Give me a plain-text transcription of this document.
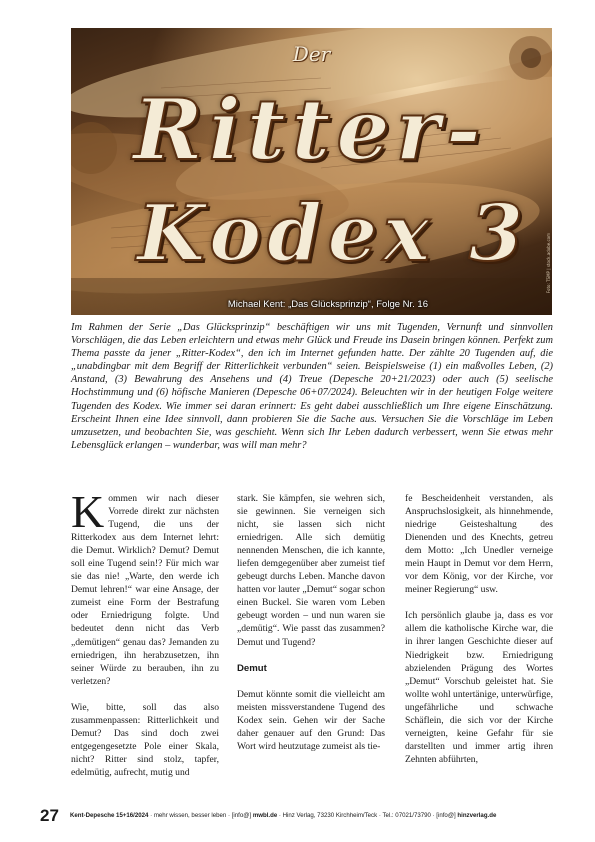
Der
Ritter-
Kodex 3	Foto: TSMP | stock.adobe.com
Michael Kent: „Das Glücksprinzip“, Folge Nr. 16

Im Rahmen der Serie „Das Glücksprinzip“ beschäftigen wir uns mit Tugenden, Vernunft und sinnvollen Vorschlägen, die das Leben erleichtern und etwas mehr Glück und Freude ins Dasein bringen können. Perfekt zum Thema passte da jener „Ritter-Kodex“, den ich im Internet gefunden hatte. Der zählte 20 Tugenden auf, die „unabdingbar mit dem Begriff der Ritterlichkeit verbunden“ seien. Beispielsweise (1) ein maßvolles Leben, (2) Anstand, (3) Bewahrung des Ansehens und (4) Treue (Depesche 20+21/2023) oder auch (5) seelische Hochstimmung und (6) höfische Manieren (Depesche 06+07/2024). Beleuchten wir in der heutigen Folge weitere Tugenden des Kodex. Wie immer sei daran erinnert: Es geht dabei ausschließlich um Ihre eigene Einschätzung. Erscheint Ihnen eine Idee sinnvoll, dann probieren Sie die Sache aus. Versuchen Sie die Vorschläge im Leben umzusetzen, und beobachten Sie, was geschieht. Wenn sich Ihr Leben dadurch verbessert, wenn Sie etwas mehr Lebensglück erlangen – wunderbar, was will man mehr?

Kommen wir nach dieser Vorrede direkt zur nächsten Tugend, die uns der Ritterkodex aus dem Internet lehrt: die Demut. Wirklich? Demut? Demut soll eine Tugend sein!? Für mich war sie das nie! „Warte, den werde ich Demut lehren!“ war eine Ansage, der zumeist eine Form der Bestrafung oder Erniedrigung folgte. Und bedeutet denn nicht das Verb „demütigen“ genau das? Jemanden zu erniedrigen, ihn herabzusetzen, ihn seiner Würde zu berauben, ihn zu verletzen?

Wie, bitte, soll das also zusammenpassen: Ritterlichkeit und Demut? Das sind doch zwei entgegengesetzte Pole einer Skala, nicht? Ritter sind stolz, tapfer, edelmütig, aufrecht, mutig und

stark. Sie kämpfen, sie wehren sich, sie gewinnen. Sie verneigen sich nicht, sie lassen sich nicht erniedrigen. Alle sich demütig nennenden Menschen, die ich kannte, liefen demgegenüber aber zumeist tief gebeugt durchs Leben. Manche davon hatten vor lauter „Demut“ sogar schon einen Buckel. Sie waren vom Leben gebeugt worden – und nun waren sie „demütig“. Wie passt das zusammen? Demut und Tugend?

Demut

Demut könnte somit die vielleicht am meisten missverstandene Tugend des Kodex sein. Gehen wir der Sache daher genauer auf den Grund: Das Wort wird heutzutage zumeist als tie-

fe Bescheidenheit verstanden, als Anspruchslosigkeit, als hinnehmende, niedrige Geisteshaltung des Dienenden und des Knechts, getreu dem Motto: „Ich Unedler verneige mein Haupt in Demut vor dem Herrn, vor dem König, vor der Kirche, vor meiner Regierung“ usw.

Ich persönlich glaube ja, dass es vor allem die katholische Kirche war, die in ihrer langen Geschichte dieser auf Niedrigkeit bzw. Erniedrigung abzielenden Prägung des Wortes „Demut“ Vorschub geleistet hat. Sie wollte wohl untertänige, unterwürfige, ungefährliche und schwache Schäflein, die sich vor der Kirche verneigten, keine Gefahr für sie darstellten und immer artig ihren Zehnten abführten,

27 Kent-Depesche 15+16/2024 · mehr wissen, besser leben · [info@] mwbl.de · Hinz Verlag, 73230 Kirchheim/Teck · Tel.: 07021/73790 · [info@] hinzverlag.de
